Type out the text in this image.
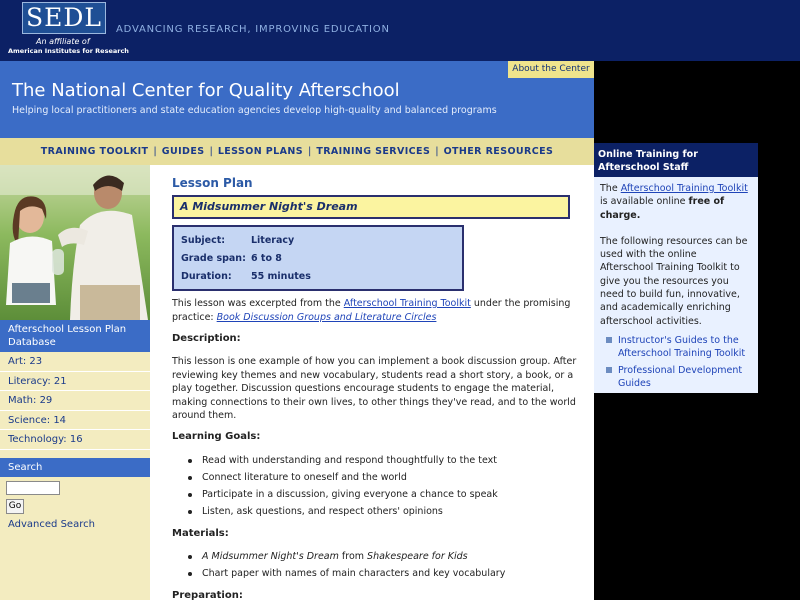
SEDL
An affiliate of
American Institutes for Research
ADVANCING RESEARCH, IMPROVING EDUCATION
About the Center
The National Center for Quality Afterschool
Helping local practitioners and state education agencies develop high-quality and balanced programs
TRAINING TOOLKIT | GUIDES | LESSON PLANS | TRAINING SERVICES | OTHER RESOURCES
Afterschool Lesson Plan Database
Art: 23
Literacy: 21
Math: 29
Science: 14
Technology: 16
Search
Go
Advanced Search
Lesson Plan
A Midsummer Night's Dream
Subject:	Literacy
Grade span: 6 to 8
Duration:	55 minutes
This lesson was excerpted from the Afterschool Training Toolkit under the promising practice: Book Discussion Groups and Literature Circles
Description:
This lesson is one example of how you can implement a book discussion group. After reviewing key themes and new vocabulary, students read a short story, a book, or a play together. Discussion questions encourage students to engage the material, making connections to their own lives, to other things they've read, and to the world around them.
Learning Goals:
Read with understanding and respond thoughtfully to the text
Connect literature to oneself and the world
Participate in a discussion, giving everyone a chance to speak
Listen, ask questions, and respect others' opinions
Materials:
A Midsummer Night's Dream from Shakespeare for Kids
Chart paper with names of main characters and key vocabulary
Preparation:
Online Training for Afterschool Staff
The Afterschool Training Toolkit is available online free of charge.
The following resources can be used with the online Afterschool Training Toolkit to give you the resources you need to build fun, innovative, and academically enriching afterschool activities.
Instructor's Guides to the Afterschool Training Toolkit
Professional Development Guides
